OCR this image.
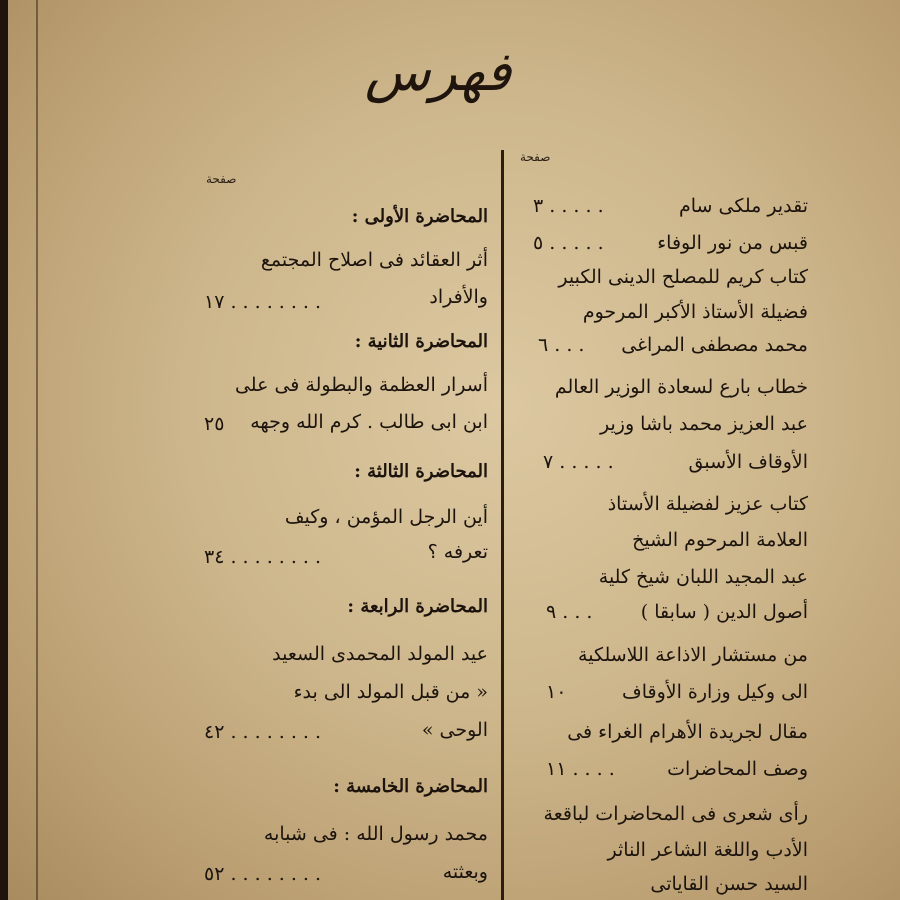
فهرس
صفحة
صفحة
تقدير ملكى سام
٣ . . . . .
قبس من نور الوفاء
٥ . . . . .
كتاب كريم للمصلح الدينى الكبير
فضيلة الأستاذ الأكبر المرحوم
محمد مصطفى المراغى
٦ . . .
خطاب بارع لسعادة الوزير العالم
عبد العزيز محمد باشا وزير
الأوقاف الأسبق
٧ . . . . .
كتاب عزيز لفضيلة الأستاذ
العلامة المرحوم الشيخ
عبد المجيد اللبان شيخ كلية
أصول الدين ( سابقا )
٩ . . .
من مستشار الاذاعة اللاسلكية
الى وكيل وزارة الأوقاف
١٠
مقال لجريدة الأهرام الغراء فى
وصف المحاضرات
١١ . . . .
رأى شعرى فى المحاضرات لباقعة
الأدب واللغة الشاعر الناثر
السيد حسن القاياتى
المحاضرة الأولى :
أثر العقائد فى اصلاح المجتمع
والأفراد
١٧ . . . . . . . .
المحاضرة الثانية :
أسرار العظمة والبطولة فى على
ابن ابى طالب . كرم الله وجهه
٢٥
المحاضرة الثالثة :
أين الرجل المؤمن ، وكيف
تعرفه ؟
٣٤ . . . . . . . .
المحاضرة الرابعة :
عيد المولد المحمدى السعيد
« من قبل المولد الى بدء
الوحى »
٤٢ . . . . . . . .
المحاضرة الخامسة :
محمد رسول الله : فى شبابه
وبعثته
٥٢ . . . . . . . .
